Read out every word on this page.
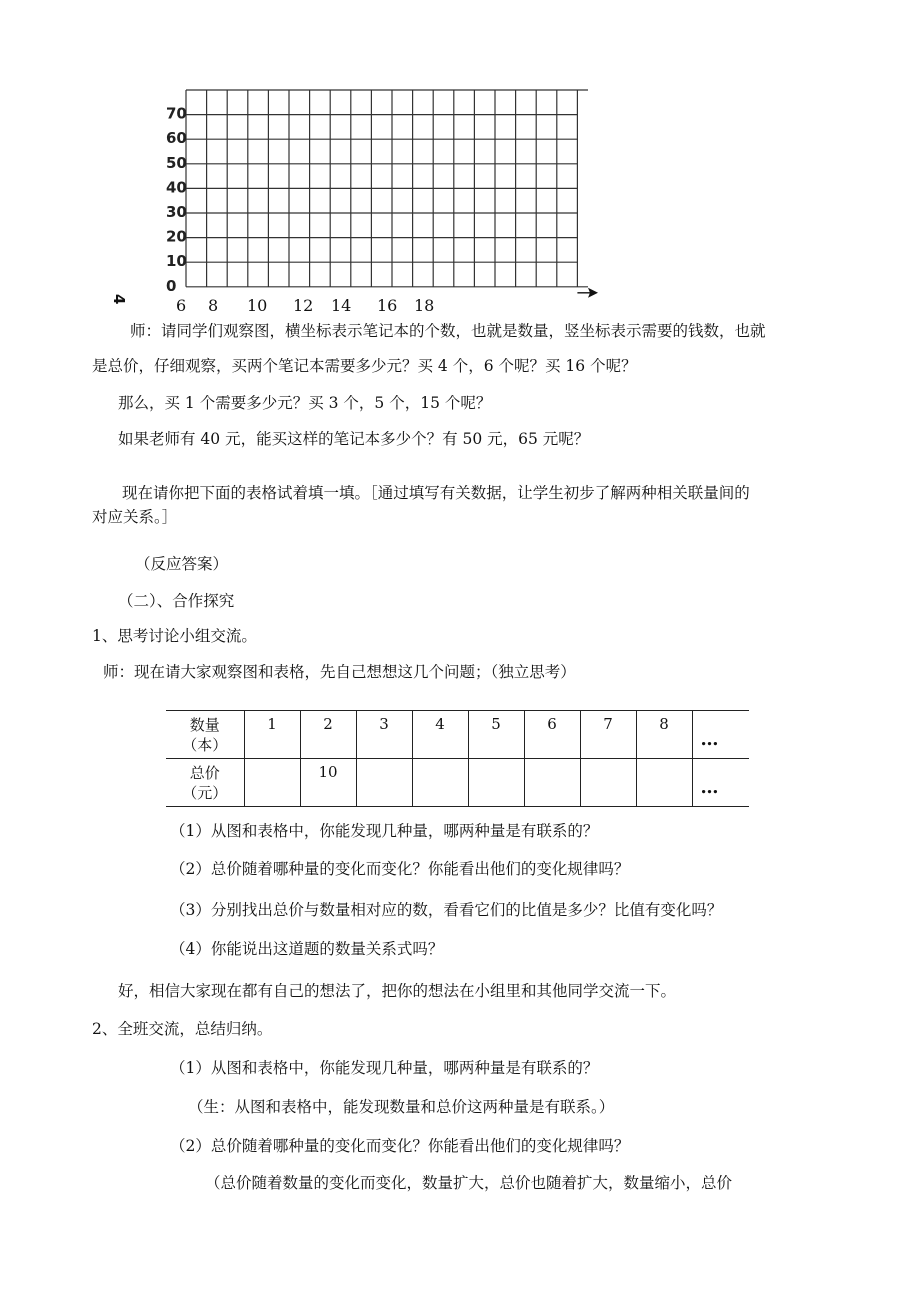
0
10
20
30
40
50
60
70
6 8 10 12 14 16 18
4

师：请同学们观察图，横坐标表示笔记本的个数，也就是数量，竖坐标表示需要的钱数，也就

是总价，仔细观察，买两个笔记本需要多少元？买 4 个，6 个呢？买 16 个呢？

那么，买 1 个需要多少元？买 3 个，5 个，15 个呢？

如果老师有 40 元，能买这样的笔记本多少个？有 50 元，65 元呢？

现在请你把下面的表格试着填一填。［通过填写有关数据，让学生初步了解两种相关联量间的

对应关系。］

（反应答案）

（二）、合作探究

1、思考讨论小组交流。

师：现在请大家观察图和表格，先自己想想这几个问题；（独立思考）

数量
（本）	1	2	3	4	5	6	7	8	…
总价
（元）		10							…

（1）从图和表格中，你能发现几种量，哪两种量是有联系的？

（2）总价随着哪种量的变化而变化？你能看出他们的变化规律吗？

（3）分别找出总价与数量相对应的数，看看它们的比值是多少？比值有变化吗？

（4）你能说出这道题的数量关系式吗？

好，相信大家现在都有自己的想法了，把你的想法在小组里和其他同学交流一下。

2、全班交流，总结归纳。

（1）从图和表格中，你能发现几种量，哪两种量是有联系的？

（生：从图和表格中，能发现数量和总价这两种量是有联系。）

（2）总价随着哪种量的变化而变化？你能看出他们的变化规律吗？

（总价随着数量的变化而变化，数量扩大，总价也随着扩大，数量缩小，总价
